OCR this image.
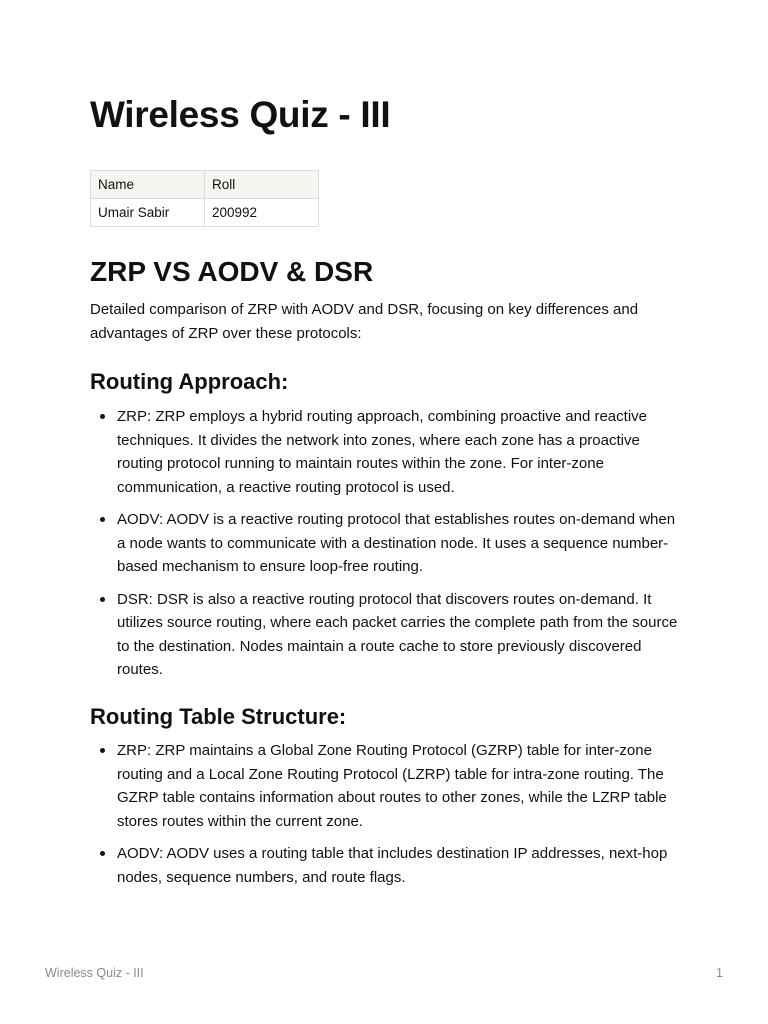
Wireless Quiz - III
Name	Roll
Umair Sabir	200992
ZRP VS AODV & DSR

Detailed comparison of ZRP with AODV and DSR, focusing on key differences and advantages of ZRP over these protocols:

Routing Approach:
ZRP: ZRP employs a hybrid routing approach, combining proactive and reactive techniques. It divides the network into zones, where each zone has a proactive routing protocol running to maintain routes within the zone. For inter-zone communication, a reactive routing protocol is used.
AODV: AODV is a reactive routing protocol that establishes routes on-demand when a node wants to communicate with a destination node. It uses a sequence number-based mechanism to ensure loop-free routing.
DSR: DSR is also a reactive routing protocol that discovers routes on-demand. It utilizes source routing, where each packet carries the complete path from the source to the destination. Nodes maintain a route cache to store previously discovered routes.
Routing Table Structure:
ZRP: ZRP maintains a Global Zone Routing Protocol (GZRP) table for inter-zone routing and a Local Zone Routing Protocol (LZRP) table for intra-zone routing. The GZRP table contains information about routes to other zones, while the LZRP table stores routes within the current zone.
AODV: AODV uses a routing table that includes destination IP addresses, next-hop nodes, sequence numbers, and route flags.
Wireless Quiz - III	1
